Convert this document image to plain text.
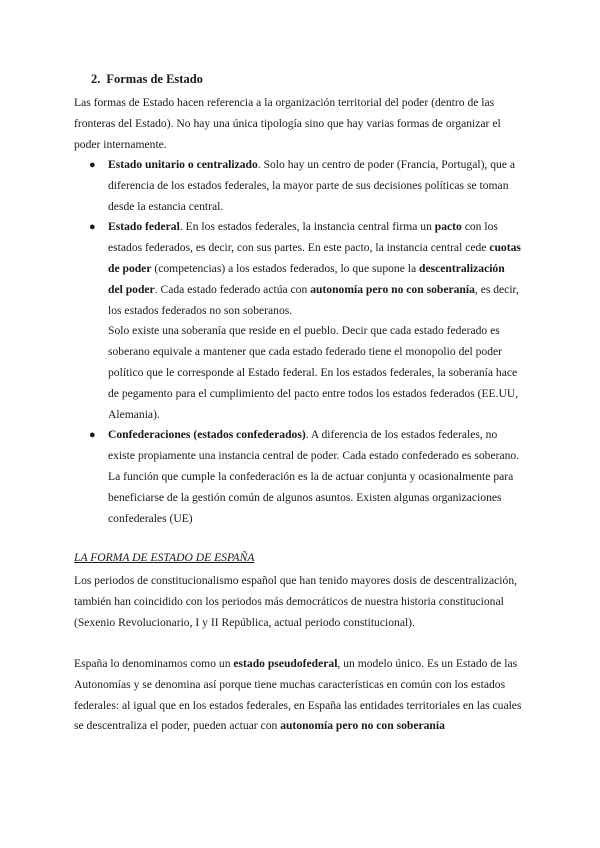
2. Formas de Estado

Las formas de Estado hacen referencia a la organización territorial del poder (dentro de las fronteras del Estado). No hay una única tipología sino que hay varias formas de organizar el poder internamente.

● Estado unitario o centralizado. Solo hay un centro de poder (Francia, Portugal), que a diferencia de los estados federales, la mayor parte de sus decisiones políticas se toman desde la estancia central.
● Estado federal. En los estados federales, la instancia central firma un pacto con los estados federados, es decir, con sus partes. En este pacto, la instancia central cede cuotas de poder (competencias) a los estados federados, lo que supone la descentralización del poder. Cada estado federado actúa con autonomía pero no con soberanía, es decir, los estados federados no son soberanos.

Solo existe una soberanía que reside en el pueblo. Decir que cada estado federado es soberano equivale a mantener que cada estado federado tiene el monopolio del poder político que le corresponde al Estado federal. En los estados federales, la soberanía hace de pegamento para el cumplimiento del pacto entre todos los estados federados (EE.UU, Alemania).

● Confederaciones (estados confederados). A diferencia de los estados federales, no existe propiamente una instancia central de poder. Cada estado confederado es soberano. La función que cumple la confederación es la de actuar conjunta y ocasionalmente para beneficiarse de la gestión común de algunos asuntos. Existen algunas organizaciones confederales (UE)
LA FORMA DE ESTADO DE ESPAÑA

Los periodos de constitucionalismo español que han tenido mayores dosis de descentralización, también han coincidido con los periodos más democráticos de nuestra historia constitucional (Sexenio Revolucionario, I y II República, actual periodo constitucional).

España lo denominamos como un estado pseudofederal, un modelo único. Es un Estado de las Autonomías y se denomina así porque tiene muchas características en común con los estados federales: al igual que en los estados federales, en España las entidades territoriales en las cuales se descentraliza el poder, pueden actuar con autonomía pero no con soberanía
